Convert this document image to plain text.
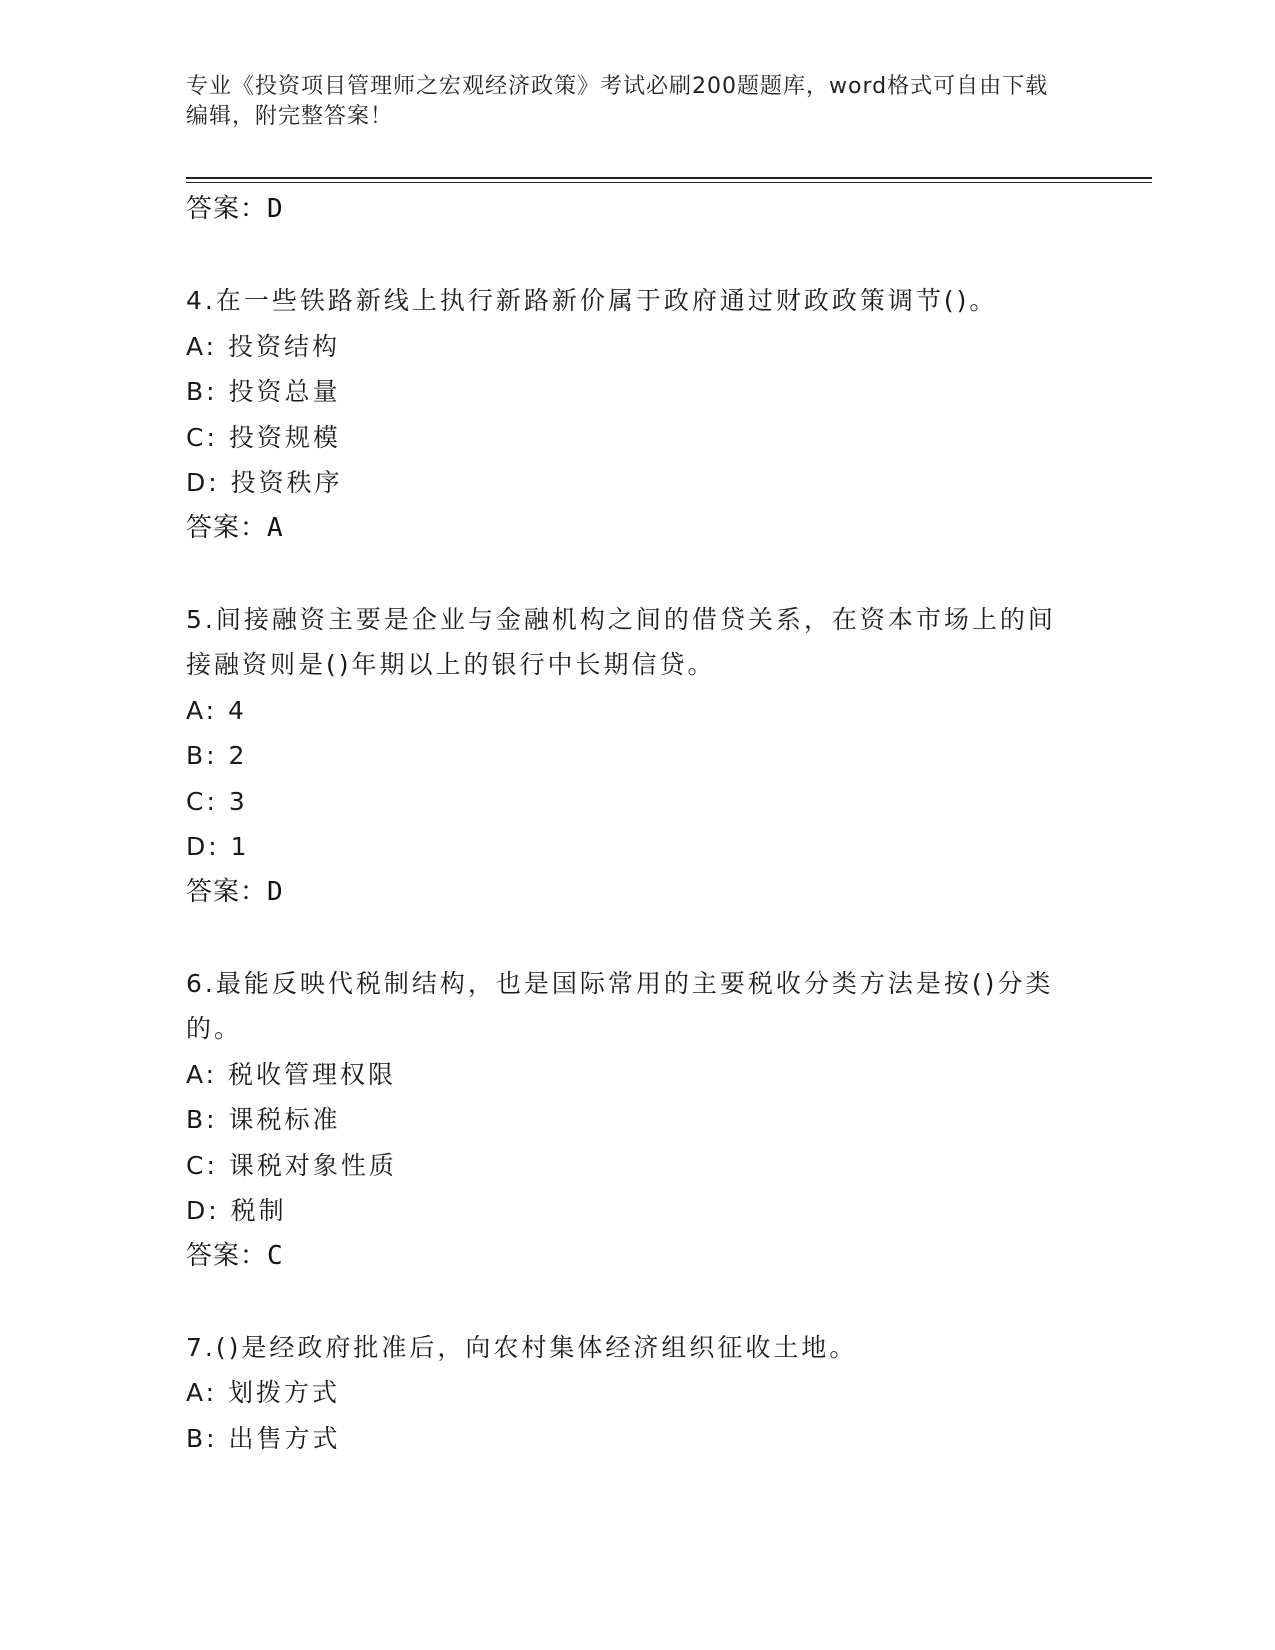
专业《投资项目管理师之宏观经济政策》考试必刷200题题库，word格式可自由下载编辑，附完整答案！
答案：D
4.在一些铁路新线上执行新路新价属于政府通过财政政策调节()。
A: 投资结构
B: 投资总量
C: 投资规模
D: 投资秩序
答案：A
5.间接融资主要是企业与金融机构之间的借贷关系，在资本市场上的间接融资则是()年期以上的银行中长期信贷。
A: 4
B: 2
C: 3
D: 1
答案：D
6.最能反映代税制结构，也是国际常用的主要税收分类方法是按()分类的。
A: 税收管理权限
B: 课税标准
C: 课税对象性质
D: 税制
答案：C
7.()是经政府批准后，向农村集体经济组织征收土地。
A: 划拨方式
B: 出售方式
